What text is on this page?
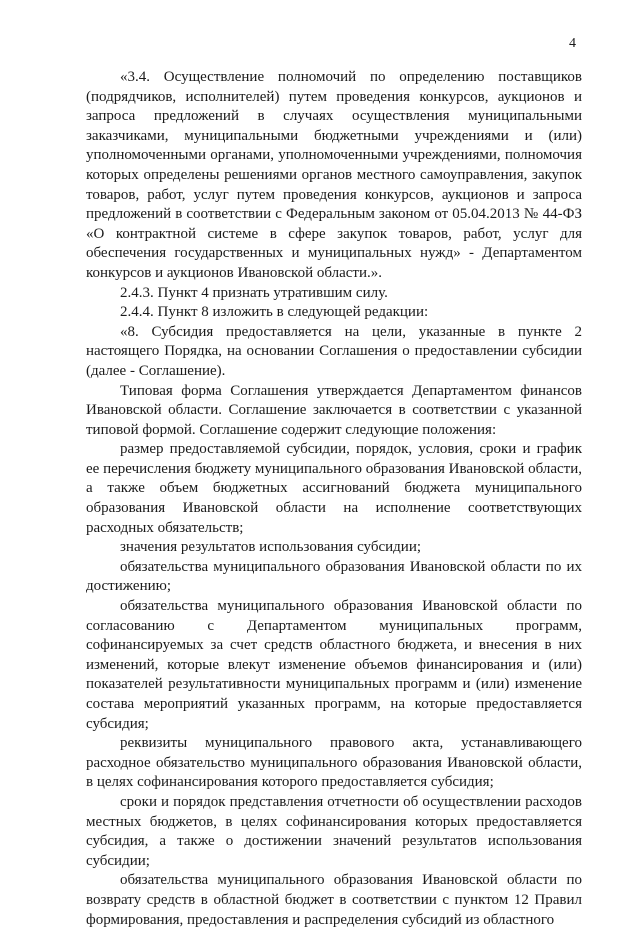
4

«3.4. Осуществление полномочий по определению поставщиков (подрядчиков, исполнителей) путем проведения конкурсов, аукционов и запроса предложений в случаях осуществления муниципальными заказчиками, муниципальными бюджетными учреждениями и (или) уполномоченными органами, уполномоченными учреждениями, полномочия которых определены решениями органов местного самоуправления, закупок товаров, работ, услуг путем проведения конкурсов, аукционов и запроса предложений в соответствии с Федеральным законом от 05.04.2013 № 44-ФЗ «О контрактной системе в сфере закупок товаров, работ, услуг для обеспечения государственных и муниципальных нужд» - Департаментом конкурсов и аукционов Ивановской области.».

2.4.3. Пункт 4 признать утратившим силу.

2.4.4. Пункт 8 изложить в следующей редакции:

«8. Субсидия предоставляется на цели, указанные в пункте 2 настоящего Порядка, на основании Соглашения о предоставлении субсидии (далее - Соглашение).

Типовая форма Соглашения утверждается Департаментом финансов Ивановской области. Соглашение заключается в соответствии с указанной типовой формой. Соглашение содержит следующие положения:

размер предоставляемой субсидии, порядок, условия, сроки и график ее перечисления бюджету муниципального образования Ивановской области, а также объем бюджетных ассигнований бюджета муниципального образования Ивановской области на исполнение соответствующих расходных обязательств;

значения результатов использования субсидии;

обязательства муниципального образования Ивановской области по их достижению;

обязательства муниципального образования Ивановской области по согласованию с Департаментом муниципальных программ, софинансируемых за счет средств областного бюджета, и внесения в них изменений, которые влекут изменение объемов финансирования и (или) показателей результативности муниципальных программ и (или) изменение состава мероприятий указанных программ, на которые предоставляется субсидия;

реквизиты муниципального правового акта, устанавливающего расходное обязательство муниципального образования Ивановской области, в целях софинансирования которого предоставляется субсидия;

сроки и порядок представления отчетности об осуществлении расходов местных бюджетов, в целях софинансирования которых предоставляется субсидия, а также о достижении значений результатов использования субсидии;

обязательства муниципального образования Ивановской области по возврату средств в областной бюджет в соответствии с пунктом 12 Правил формирования, предоставления и распределения субсидий из областного
